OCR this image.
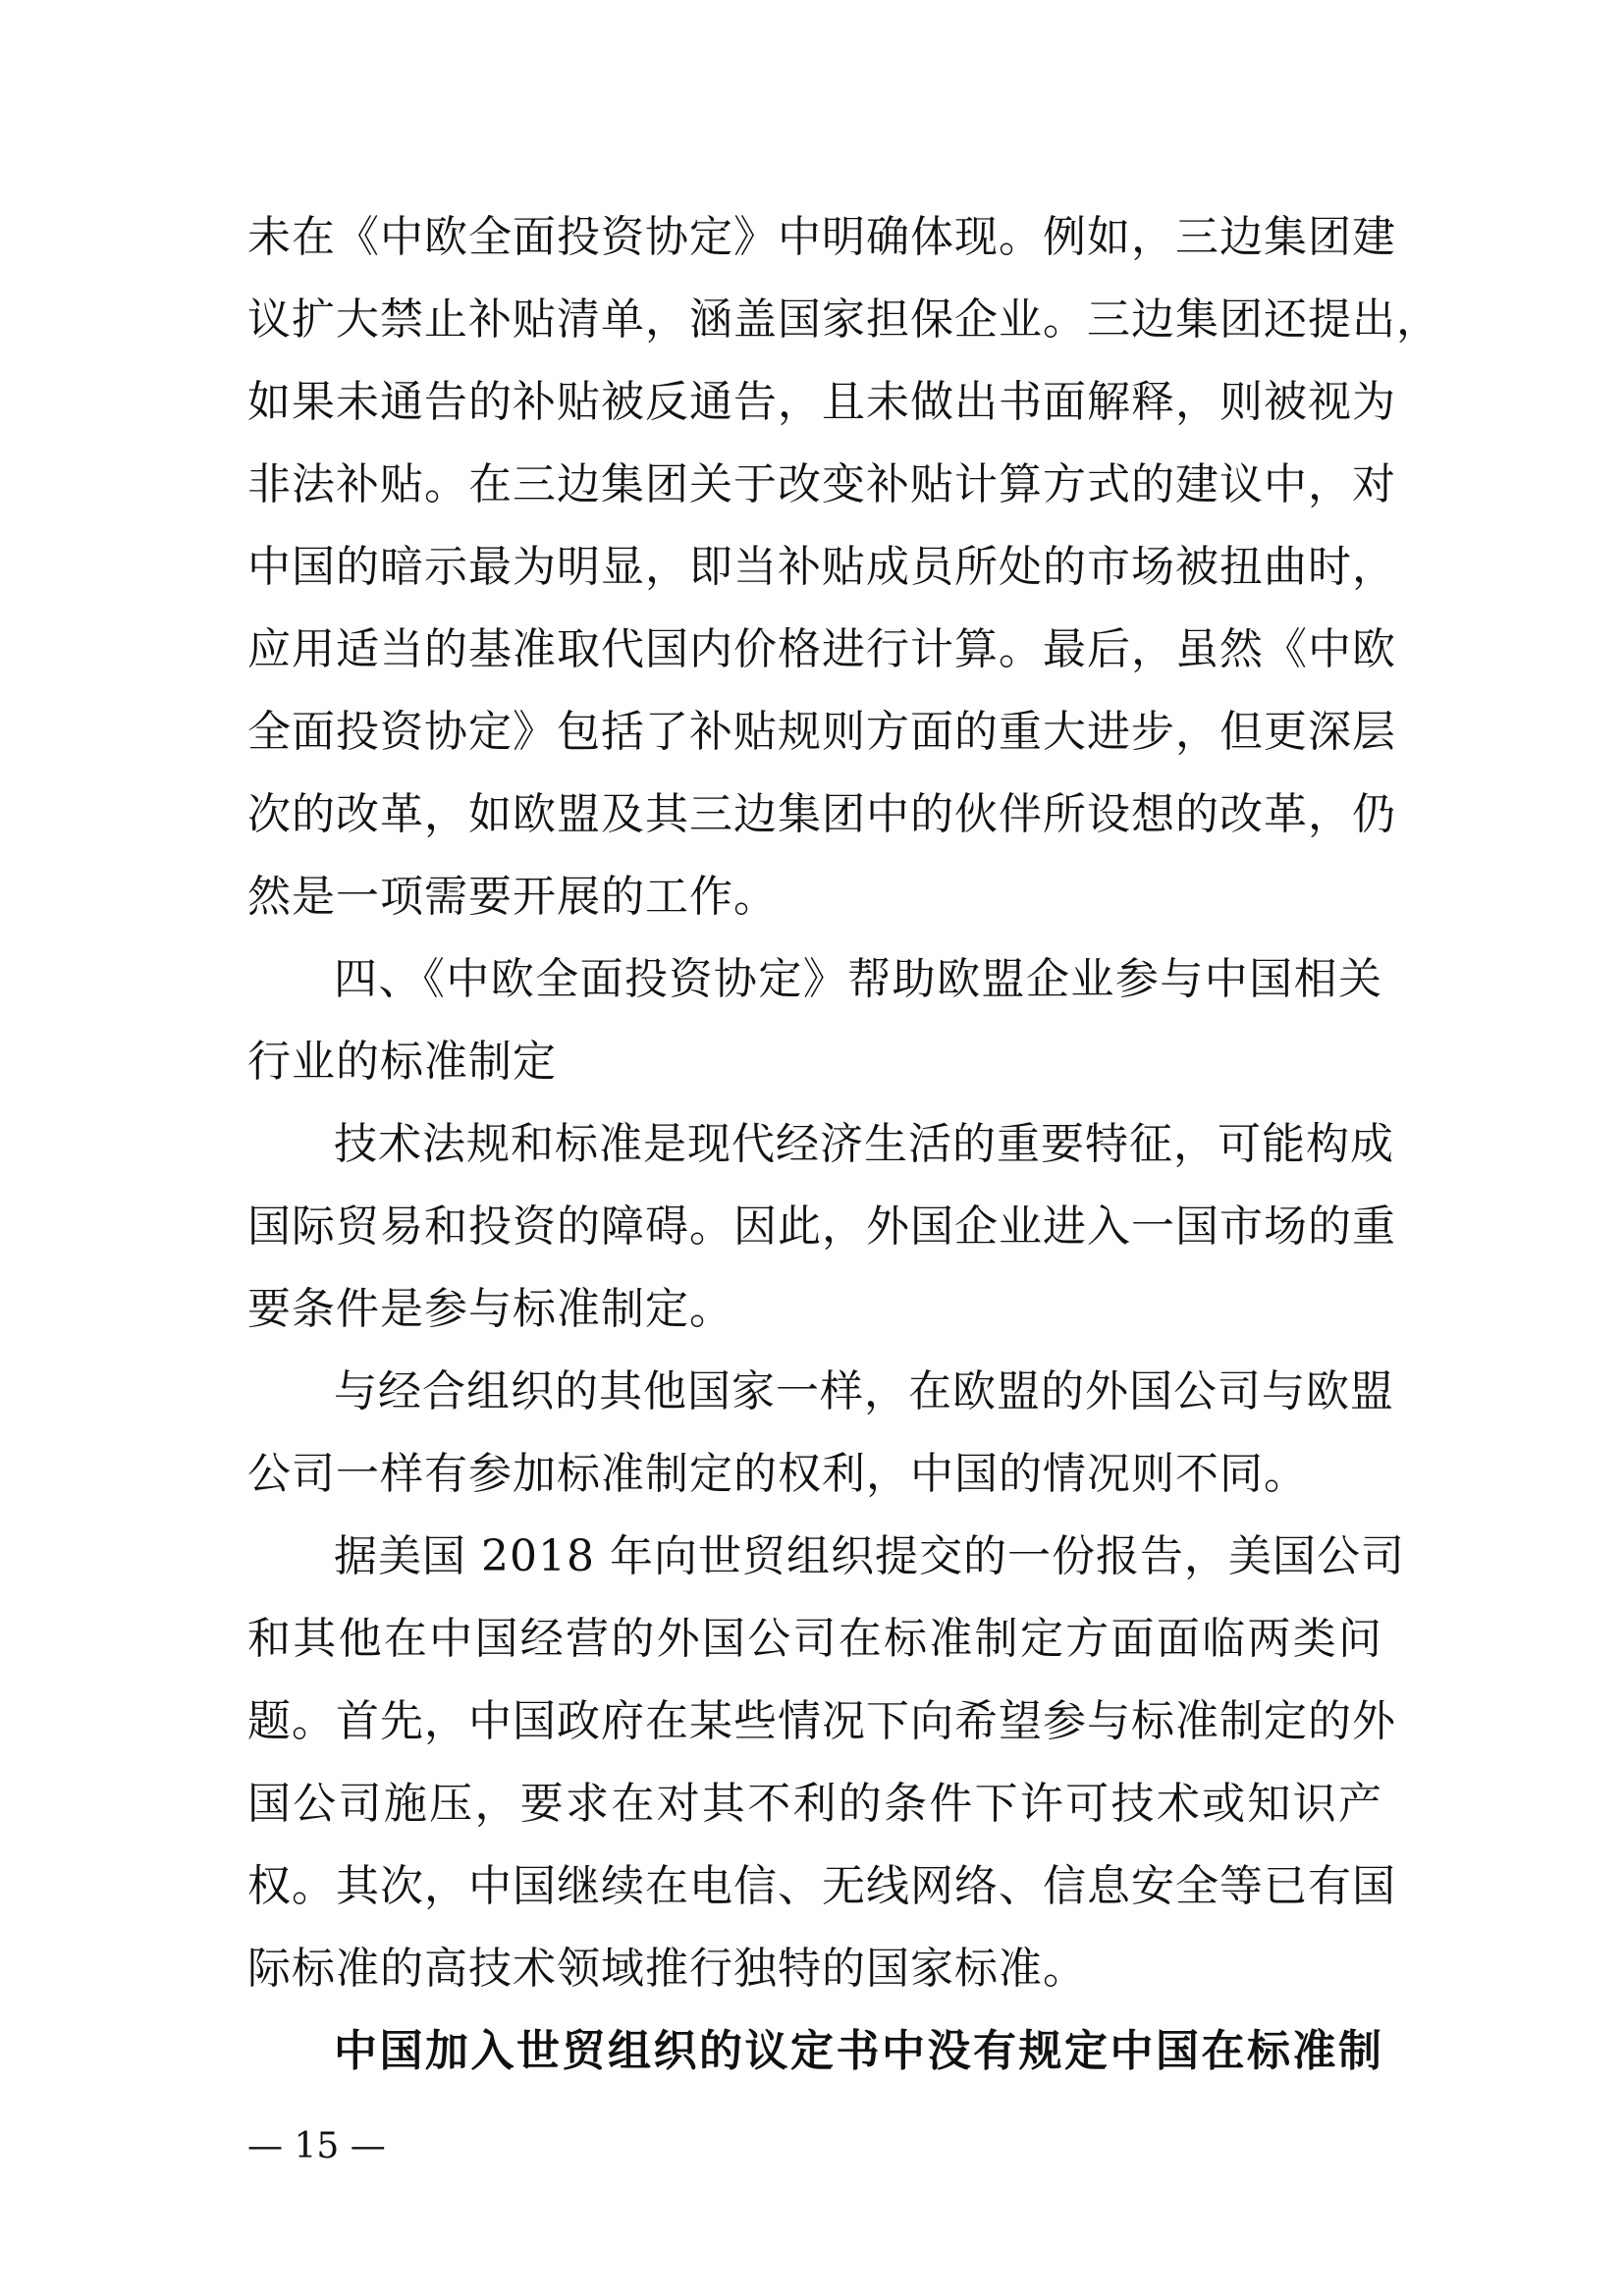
未在《中欧全面投资协定》中明确体现。例如，三边集团建
议扩大禁止补贴清单，涵盖国家担保企业。三边集团还提出，
如果未通告的补贴被反通告，且未做出书面解释，则被视为
非法补贴。在三边集团关于改变补贴计算方式的建议中，对
中国的暗示最为明显，即当补贴成员所处的市场被扭曲时，
应用适当的基准取代国内价格进行计算。最后，虽然《中欧
全面投资协定》包括了补贴规则方面的重大进步，但更深层
次的改革，如欧盟及其三边集团中的伙伴所设想的改革，仍
然是一项需要开展的工作。
四、《中欧全面投资协定》帮助欧盟企业参与中国相关
行业的标准制定
技术法规和标准是现代经济生活的重要特征，可能构成
国际贸易和投资的障碍。因此，外国企业进入一国市场的重
要条件是参与标准制定。
与经合组织的其他国家一样，在欧盟的外国公司与欧盟
公司一样有参加标准制定的权利，中国的情况则不同。
据美国 2018 年向世贸组织提交的一份报告，美国公司
和其他在中国经营的外国公司在标准制定方面面临两类问
题。首先，中国政府在某些情况下向希望参与标准制定的外
国公司施压，要求在对其不利的条件下许可技术或知识产
权。其次，中国继续在电信、无线网络、信息安全等已有国
际标准的高技术领域推行独特的国家标准。
中国加入世贸组织的议定书中没有规定中国在标准制
— 15 —
